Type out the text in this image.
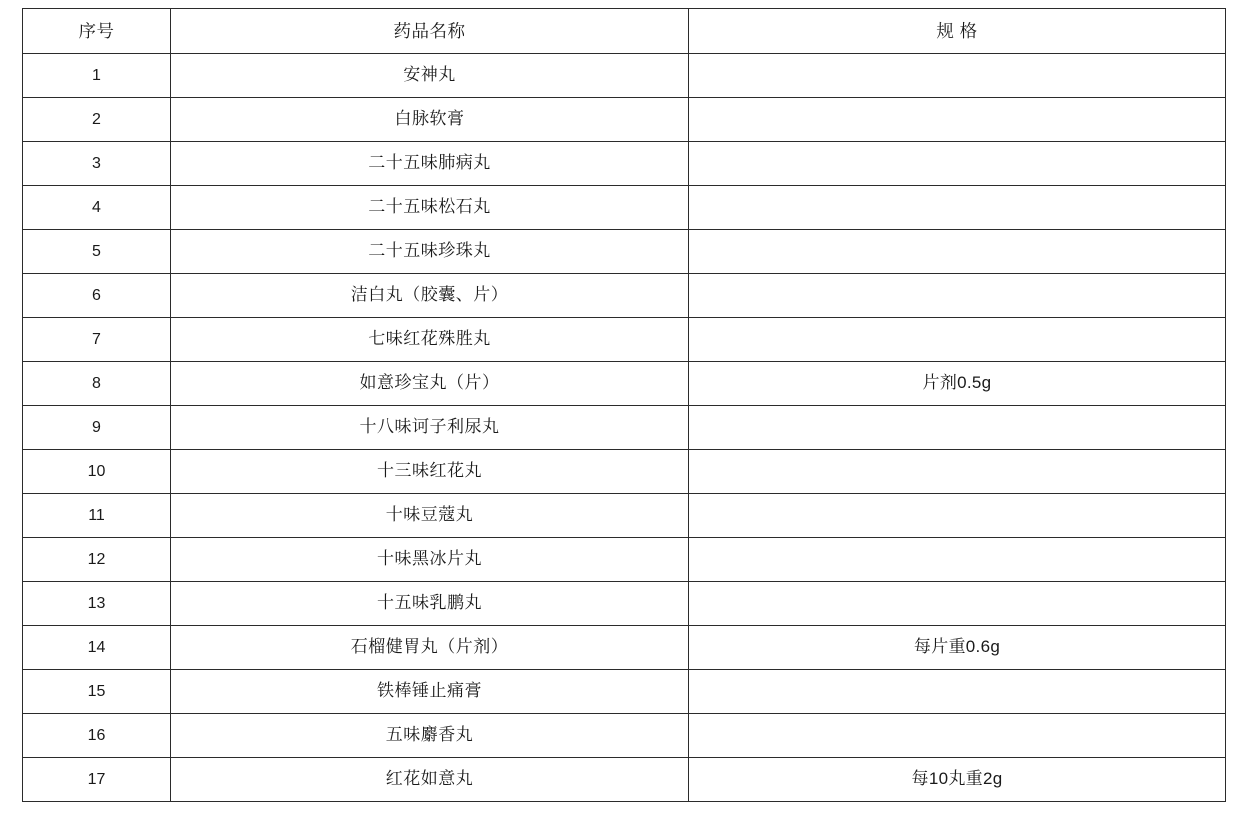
序号	药品名称	规 格
1	安神丸	
2	白脉软膏	
3	二十五味肺病丸	
4	二十五味松石丸	
5	二十五味珍珠丸	
6	洁白丸（胶囊、片）	
7	七味红花殊胜丸	
8	如意珍宝丸（片）	片剂0.5g
9	十八味诃子利尿丸	
10	十三味红花丸	
11	十味豆蔻丸	
12	十味黑冰片丸	
13	十五味乳鹏丸	
14	石榴健胃丸（片剂）	每片重0.6g
15	铁棒锤止痛膏	
16	五味麝香丸	
17	红花如意丸	每10丸重2g
